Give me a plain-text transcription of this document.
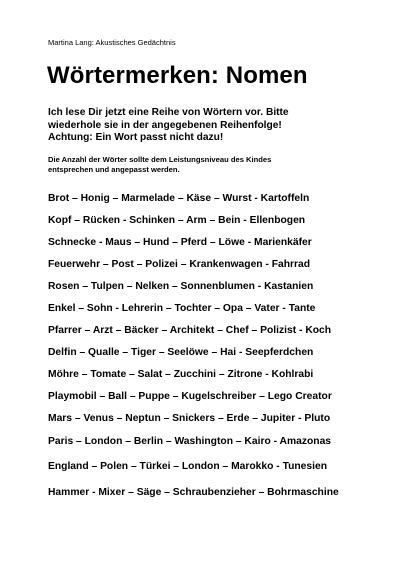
Martina Lang: Akustisches Gedächtnis
Wörtermerken: Nomen
Ich lese Dir jetzt eine Reihe von Wörtern vor. Bitte
wiederhole sie in der angegebenen Reihenfolge!
Achtung: Ein Wort passt nicht dazu!
Die Anzahl der Wörter sollte dem Leistungsniveau des Kindes
entsprechen und angepasst werden.
Brot – Honig – Marmelade – Käse – Wurst - Kartoffeln
Kopf – Rücken - Schinken – Arm – Bein - Ellenbogen
Schnecke - Maus – Hund – Pferd – Löwe - Marienkäfer
Feuerwehr – Post – Polizei – Krankenwagen - Fahrrad
Rosen – Tulpen – Nelken – Sonnenblumen - Kastanien
Enkel – Sohn - Lehrerin – Tochter – Opa – Vater - Tante
Pfarrer – Arzt – Bäcker – Architekt – Chef – Polizist - Koch
Delfin – Qualle – Tiger – Seelöwe – Hai - Seepferdchen
Möhre – Tomate – Salat – Zucchini – Zitrone - Kohlrabi
Playmobil – Ball – Puppe – Kugelschreiber – Lego Creator
Mars – Venus – Neptun – Snickers – Erde – Jupiter - Pluto
Paris – London – Berlin – Washington – Kairo - Amazonas
England – Polen – Türkei – London – Marokko - Tunesien
Hammer - Mixer – Säge – Schraubenzieher – Bohrmaschine
